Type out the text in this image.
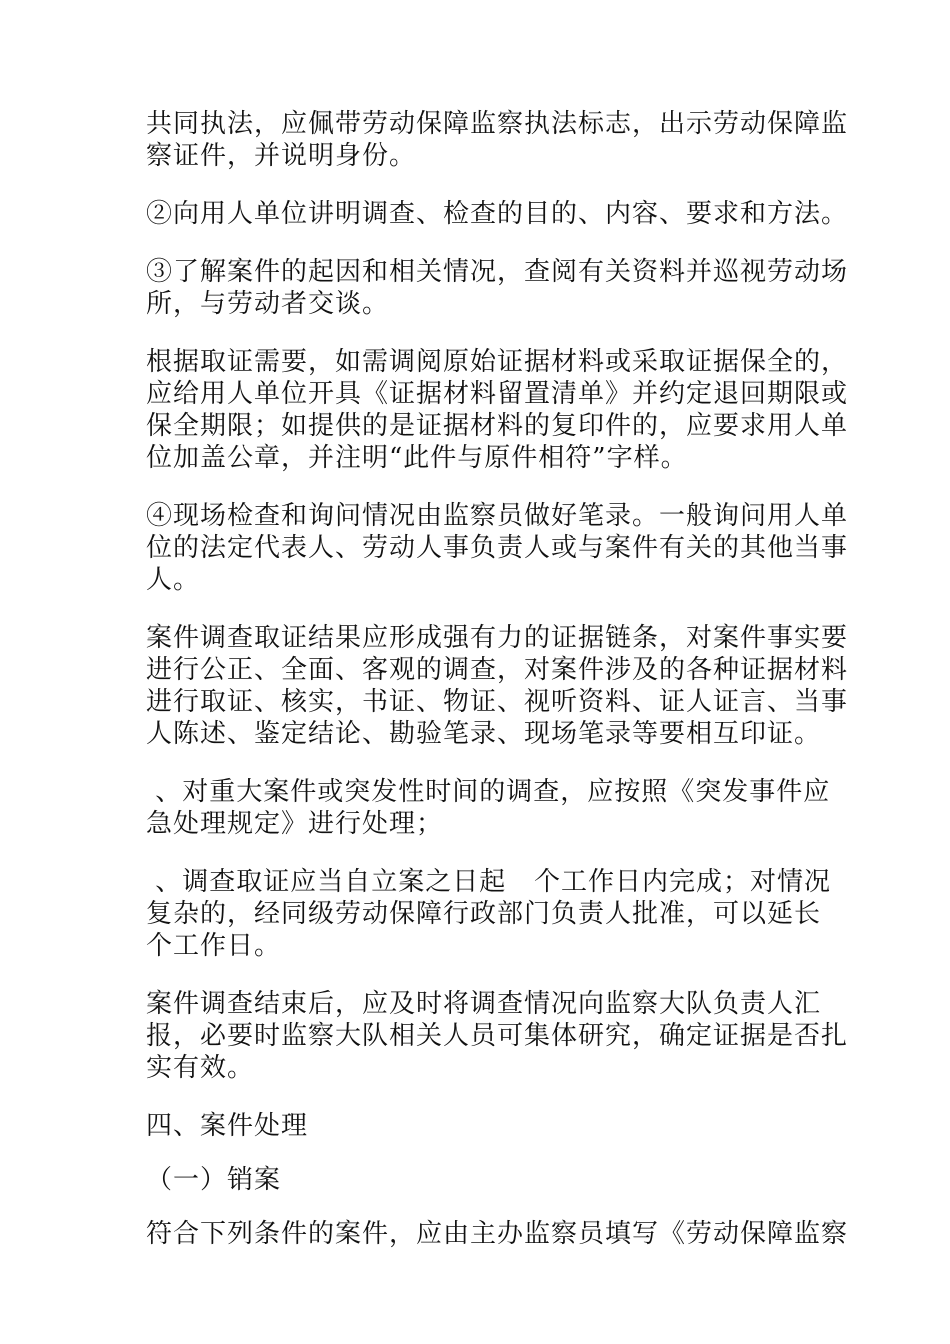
共同执法，应佩带劳动保障监察执法标志，出示劳动保障监
察证件，并说明身份。

②向用人单位讲明调查、检查的目的、内容、要求和方法。

③了解案件的起因和相关情况，查阅有关资料并巡视劳动场
所，与劳动者交谈。

根据取证需要，如需调阅原始证据材料或采取证据保全的，
应给用人单位开具《证据材料留置清单》并约定退回期限或
保全期限；如提供的是证据材料的复印件的，应要求用人单
位加盖公章，并注明“此件与原件相符”字样。

④现场检查和询问情况由监察员做好笔录。一般询问用人单
位的法定代表人、劳动人事负责人或与案件有关的其他当事
人。

案件调查取证结果应形成强有力的证据链条，对案件事实要
进行公正、全面、客观的调查，对案件涉及的各种证据材料
进行取证、核实，书证、物证、视听资料、证人证言、当事
人陈述、鉴定结论、勘验笔录、现场笔录等要相互印证。

、对重大案件或突发性时间的调查，应按照《突发事件应
急处理规定》进行处理；

、调查取证应当自立案之日起   个工作日内完成；对情况
复杂的，经同级劳动保障行政部门负责人批准，可以延长
个工作日。

案件调查结束后，应及时将调查情况向监察大队负责人汇
报，必要时监察大队相关人员可集体研究，确定证据是否扎
实有效。

四、案件处理

（一）销案

符合下列条件的案件，应由主办监察员填写《劳动保障监察
